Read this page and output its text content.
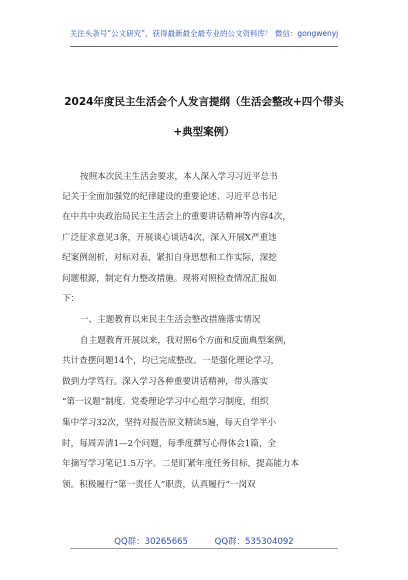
关注头条号“公文研究”，获得最新最全最专业的公文资料库！ 微信：gongwenyj
2024年度民主生活会个人发言提纲（生活会整改+四个带头
+典型案例）
按照本次民主生活会要求，本人深入学习习近平总书
记关于全面加强党的纪律建设的重要论述、习近平总书记
在中共中央政治局民主生活会上的重要讲话精神等内容4次，
广泛征求意见3条，开展谈心谈话4次，深入开展X严重违
纪案例剖析，对标对表，紧扣自身思想和工作实际，深挖
问题根源，制定有力整改措施。现将对照检查情况汇报如
下：
一、主题教育以来民主生活会整改措施落实情况
自主题教育开展以来，我对照6个方面和反面典型案例，
共计查摆问题14个，均已完成整改。一是强化理论学习，
做到力学笃行。深入学习各种重要讲话精神，带头落实
“第一议题”制度、党委理论学习中心组学习制度，组织
集中学习32次，坚持对报告原文精读5遍，每天自学半小
时，每周弄清1—2个问题，每季度撰写心得体会1篇，全
年摘写学习笔记1.5万字。二是盯紧年度任务目标，提高能力本
领。积极履行“第一责任人”职责，认真履行“一岗双
QQ群：30265665	QQ群：535304092
